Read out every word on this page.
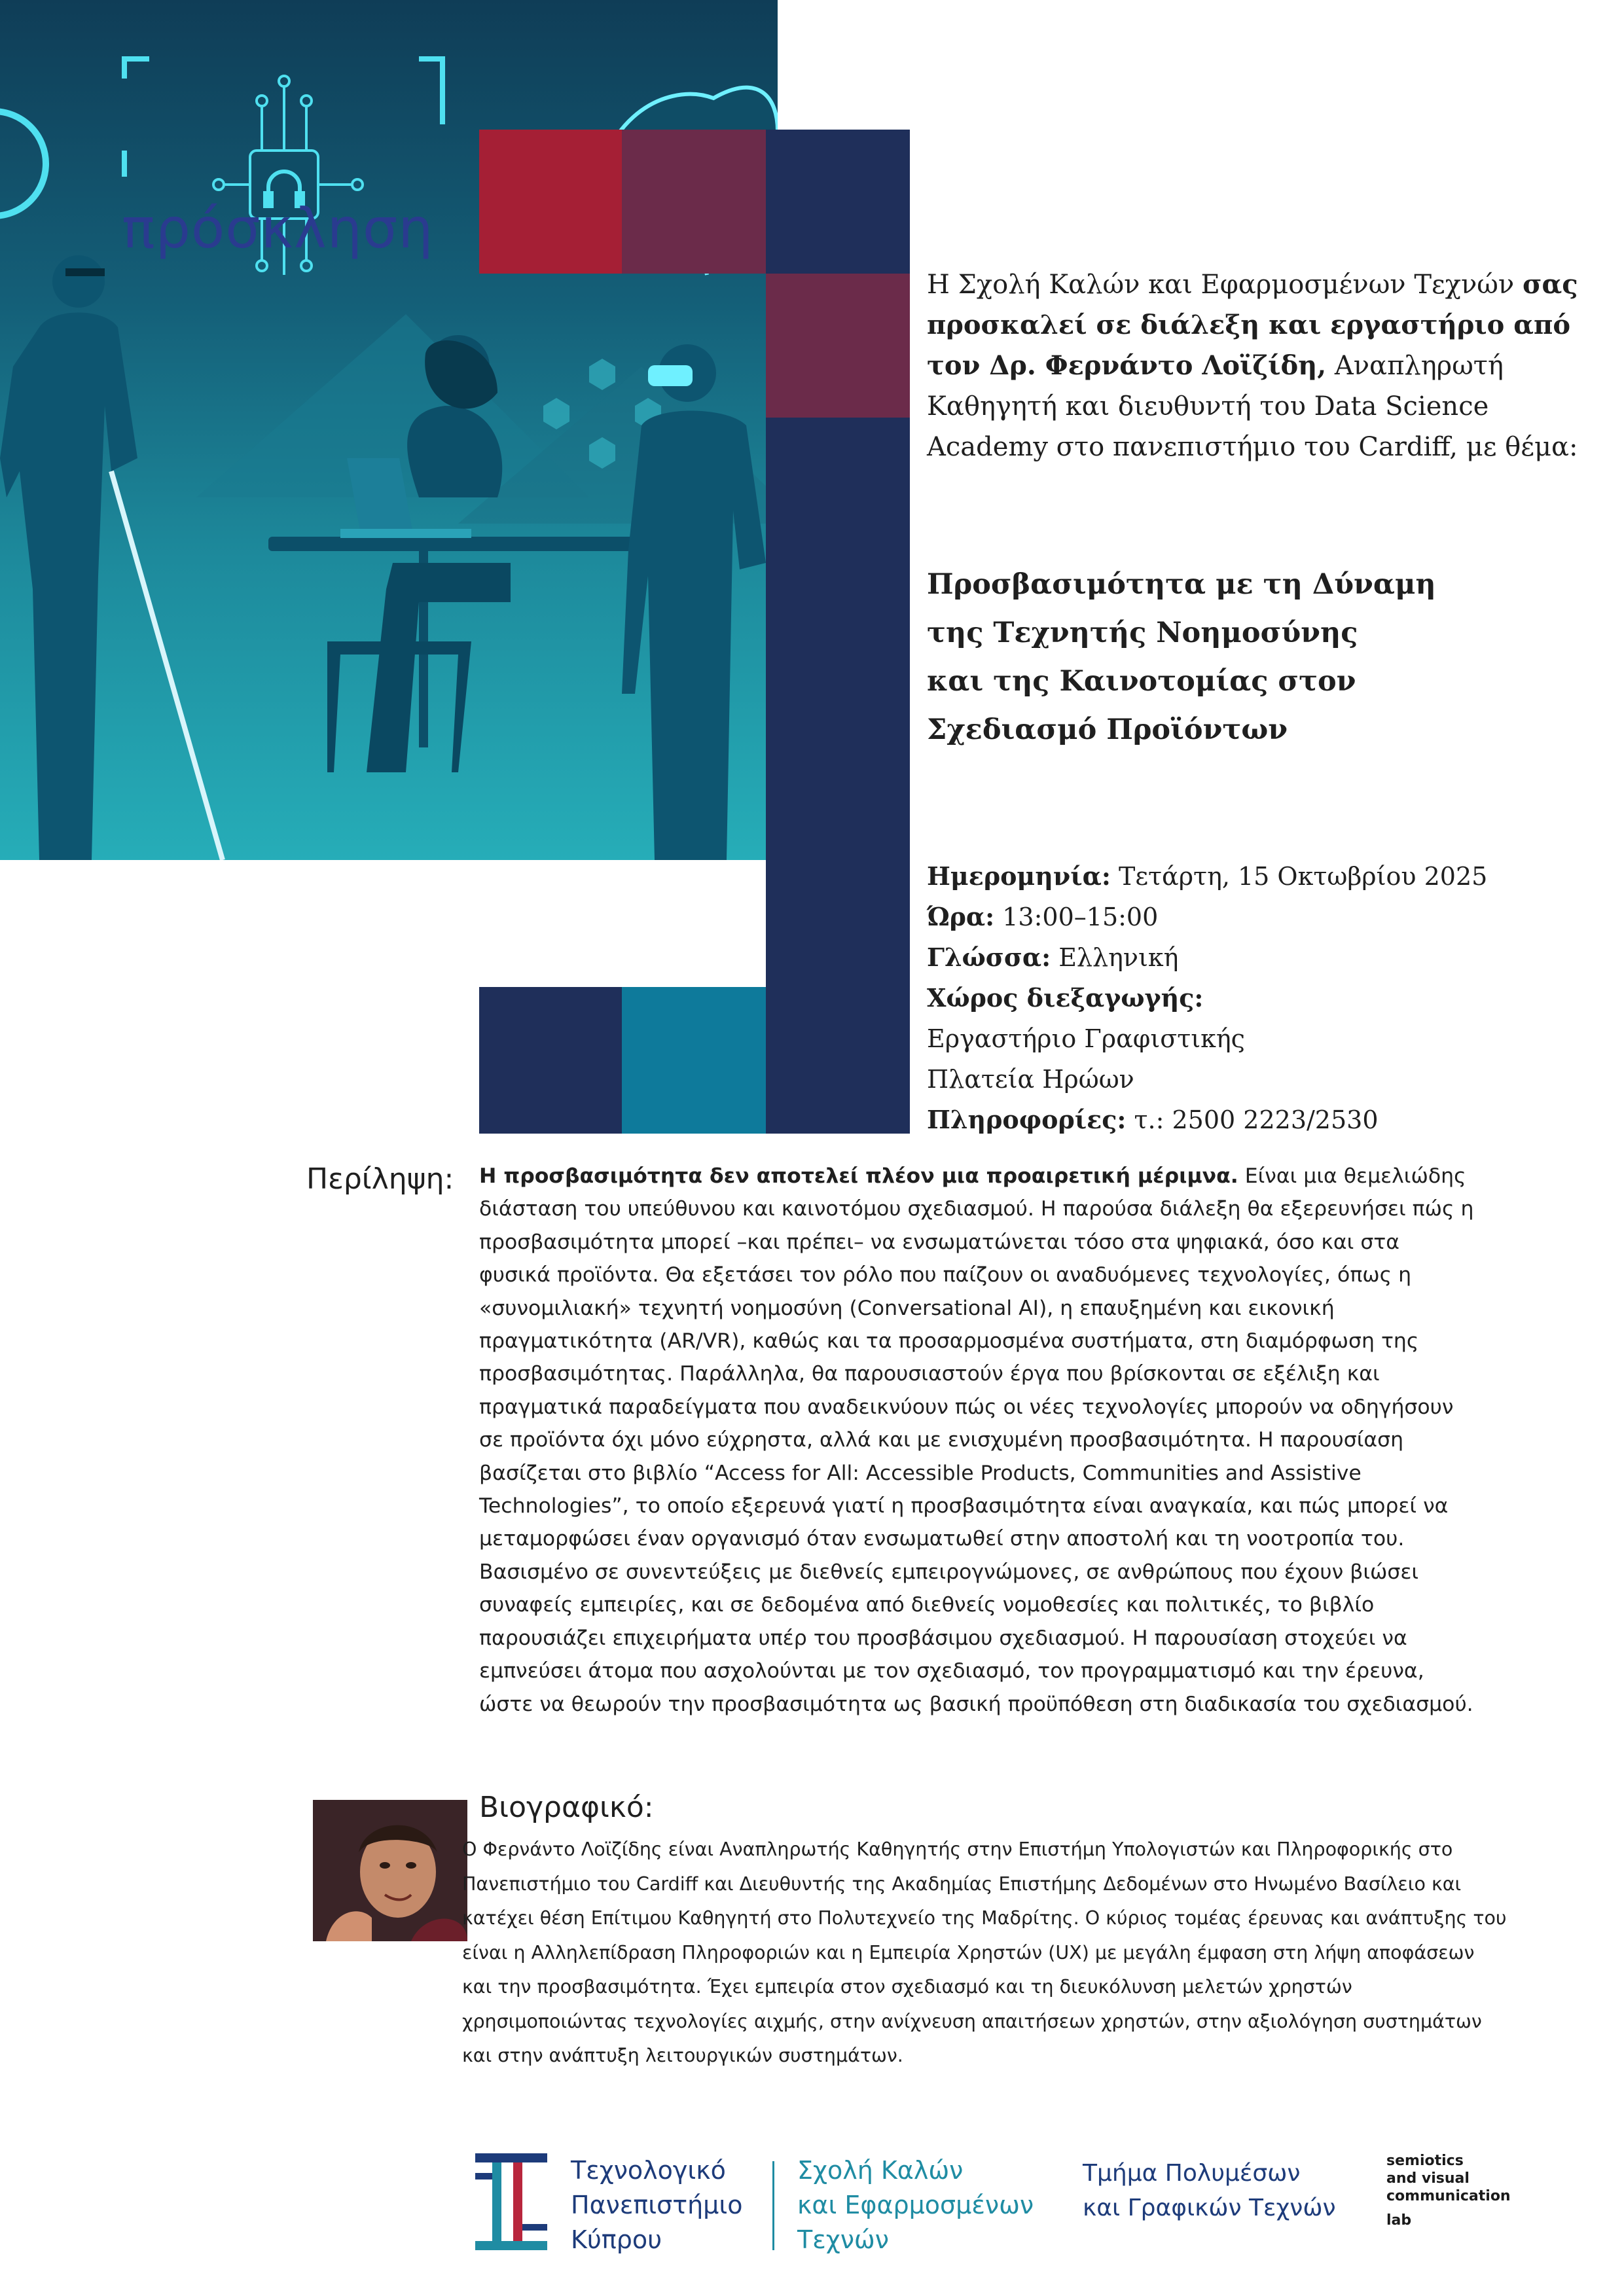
πρόσκληση
Η Σχολή Καλών και Εφαρμοσμένων Τεχνών σας προσκαλεί σε διάλεξη και εργαστήριο από τον Δρ. Φερνάντο Λοϊζίδη, Αναπληρωτή Καθηγητή και διευθυντή του Data Science Academy στο πανεπιστήμιο του Cardiff, με θέμα:
Προσβασιμότητα με τη Δύναμη
της Τεχνητής Νοημοσύνης
και της Καινοτομίας στον
Σχεδιασμό Προϊόντων
Ημερομηνία: Τετάρτη, 15 Οκτωβρίου 2025
Ώρα: 13:00–15:00
Γλώσσα: Ελληνική
Χώρος διεξαγωγής:
Εργαστήριο Γραφιστικής
Πλατεία Ηρώων
Πληροφορίες: τ.: 2500 2223/2530
Περίληψη: Η προσβασιμότητα δεν αποτελεί πλέον μια προαιρετική μέριμνα. Είναι μια θεμελιώδης διάσταση του υπεύθυνου και καινοτόμου σχεδιασμού. Η παρούσα διάλεξη θα εξερευνήσει πώς η προσβασιμότητα μπορεί –και πρέπει– να ενσωματώνεται τόσο στα ψηφιακά, όσο και στα φυσικά προϊόντα. Θα εξετάσει τον ρόλο που παίζουν οι αναδυόμενες τεχνολογίες, όπως η «συνομιλιακή» τεχνητή νοημοσύνη (Conversational AI), η επαυξημένη και εικονική πραγματικότητα (AR/VR), καθώς και τα προσαρμοσμένα συστήματα, στη διαμόρφωση της προσβασιμότητας. Παράλληλα, θα παρουσιαστούν έργα που βρίσκονται σε εξέλιξη και πραγματικά παραδείγματα που αναδεικνύουν πώς οι νέες τεχνολογίες μπορούν να οδηγήσουν σε προϊόντα όχι μόνο εύχρηστα, αλλά και με ενισχυμένη προσβασιμότητα. Η παρουσίαση βασίζεται στο βιβλίο “Access for All: Accessible Products, Communities and Assistive Technologies”, το οποίο εξερευνά γιατί η προσβασιμότητα είναι αναγκαία, και πώς μπορεί να μεταμορφώσει έναν οργανισμό όταν ενσωματωθεί στην αποστολή και τη νοοτροπία του. Βασισμένο σε συνεντεύξεις με διεθνείς εμπειρογνώμονες, σε ανθρώπους που έχουν βιώσει συναφείς εμπειρίες, και σε δεδομένα από διεθνείς νομοθεσίες και πολιτικές, το βιβλίο παρουσιάζει επιχειρήματα υπέρ του προσβάσιμου σχεδιασμού. Η παρουσίαση στοχεύει να εμπνεύσει άτομα που ασχολούνται με τον σχεδιασμό, τον προγραμματισμό και την έρευνα, ώστε να θεωρούν την προσβασιμότητα ως βασική προϋπόθεση στη διαδικασία του σχεδιασμού.
Βιογραφικό:
Ο Φερνάντο Λοϊζίδης είναι Αναπληρωτής Καθηγητής στην Επιστήμη Υπολογιστών και Πληροφορικής στο Πανεπιστήμιο του Cardiff και Διευθυντής της Ακαδημίας Επιστήμης Δεδομένων στο Ηνωμένο Βασίλειο και κατέχει θέση Επίτιμου Καθηγητή στο Πολυτεχνείο της Μαδρίτης. Ο κύριος τομέας έρευνας και ανάπτυξης του είναι η Αλληλεπίδραση Πληροφοριών και η Εμπειρία Χρηστών (UX) με μεγάλη έμφαση στη λήψη αποφάσεων και την προσβασιμότητα. Έχει εμπειρία στον σχεδιασμό και τη διευκόλυνση μελετών χρηστών χρησιμοποιώντας τεχνολογίες αιχμής, στην ανίχνευση απαιτήσεων χρηστών, στην αξιολόγηση συστημάτων και στην ανάπτυξη λειτουργικών συστημάτων.
Τεχνολογικό
Πανεπιστήμιο
Κύπρου
Σχολή Καλών
και Εφαρμοσμένων
Τεχνών
Τμήμα Πολυμέσων
και Γραφικών Τεχνών
semiotics
and visual
communication
lab
